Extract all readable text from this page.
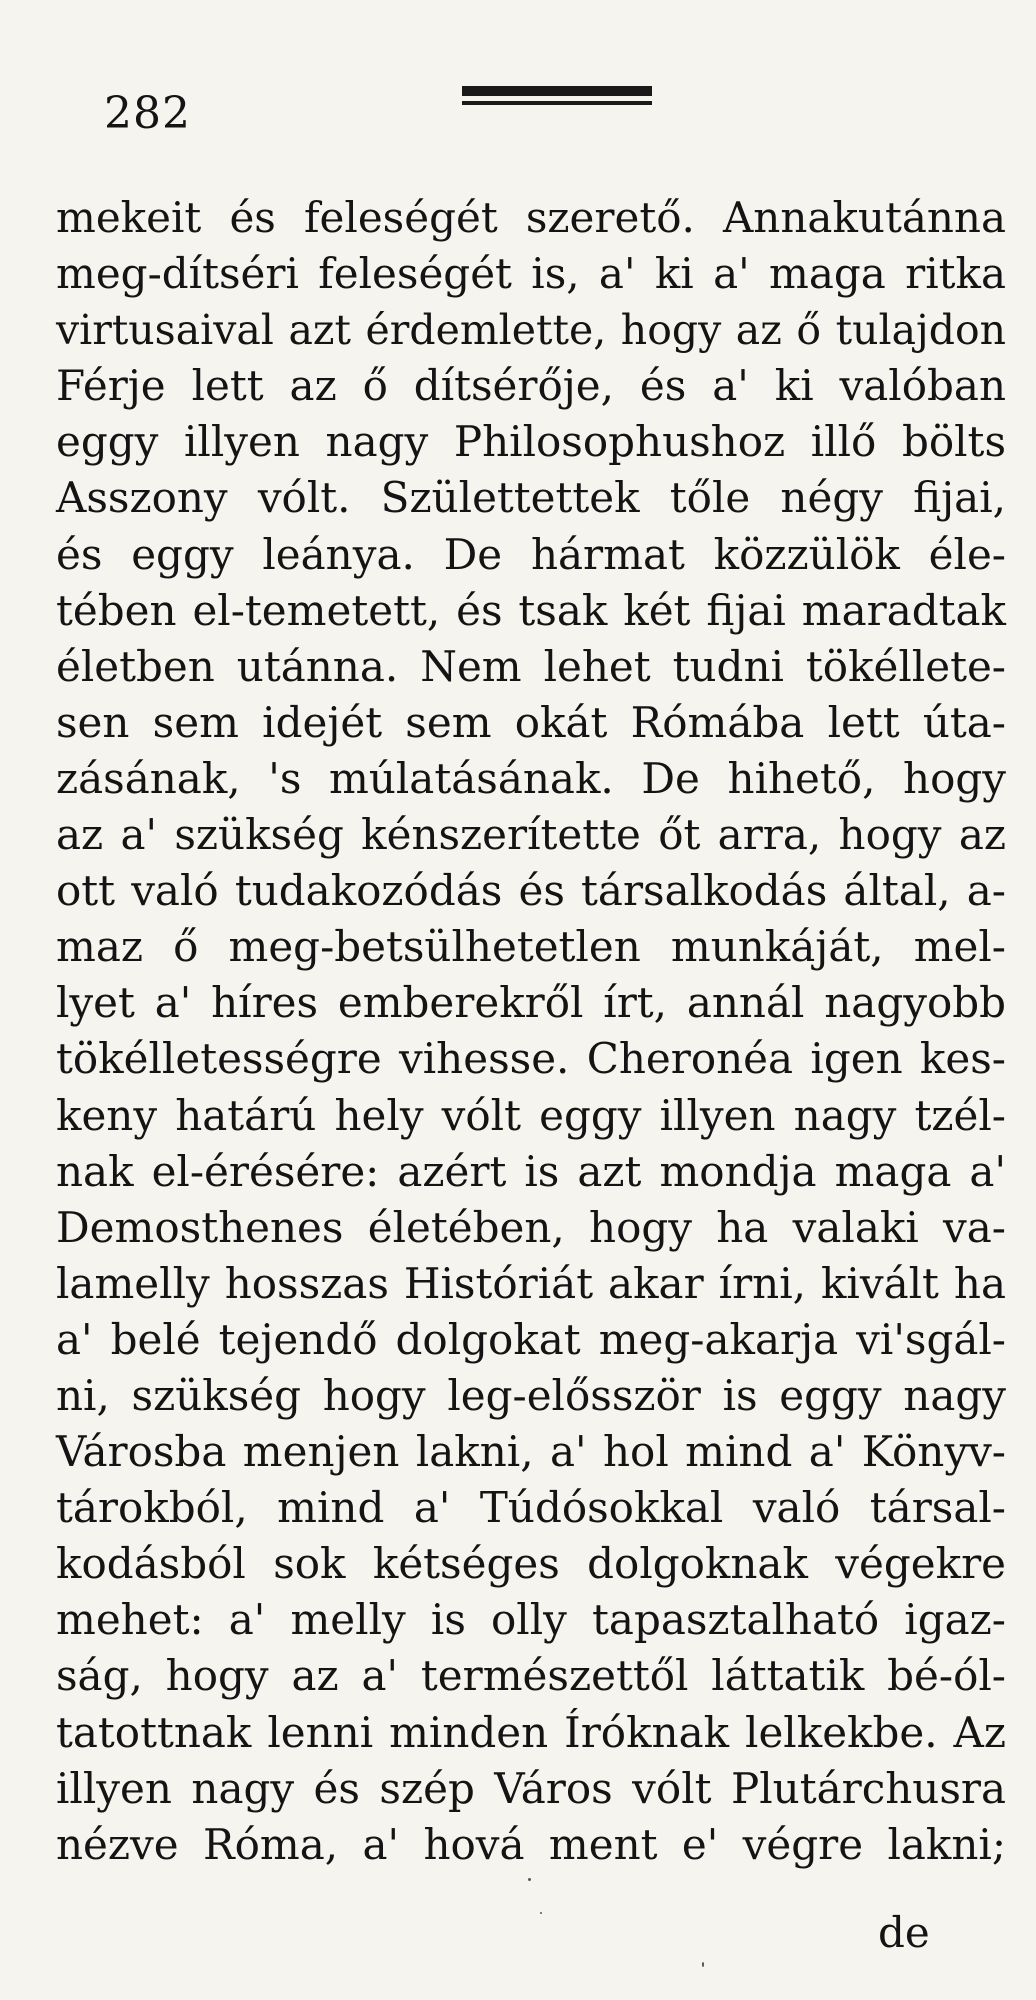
282
mekeit és feleségét szerető. Annakutánna
meg-dítséri feleségét is, a' ki a' maga ritka
virtusaival azt érdemlette, hogy az ő tulajdon
Férje lett az ő dítsérője, és a' ki valóban
eggy illyen nagy Philosophushoz illő bölts
Asszony vólt. Születtettek tőle négy fijai,
és eggy leánya. De hármat közzülök éle-
tében el-temetett, és tsak két fijai maradtak
életben utánna. Nem lehet tudni tökéllete-
sen sem idejét sem okát Rómába lett úta-
zásának, 's múlatásának. De hihető, hogy
az a' szükség kénszerítette őt arra, hogy az
ott való tudakozódás és társalkodás által, a-
maz ő meg-betsülhetetlen munkáját, mel-
lyet a' híres emberekről írt, annál nagyobb
tökélletességre vihesse. Cheronéa igen kes-
keny határú hely vólt eggy illyen nagy tzél-
nak el-érésére: azért is azt mondja maga a'
Demosthenes életében, hogy ha valaki va-
lamelly hosszas Históriát akar írni, kivált ha
a' belé tejendő dolgokat meg-akarja vi'sgál-
ni, szükség hogy leg-elősször is eggy nagy
Városba menjen lakni, a' hol mind a' Könyv-
tárokból, mind a' Túdósokkal való társal-
kodásból sok kétséges dolgoknak végekre
mehet: a' melly is olly tapasztalható igaz-
ság, hogy az a' természettől láttatik bé-ól-
tatottnak lenni minden Íróknak lelkekbe. Az
illyen nagy és szép Város vólt Plutárchusra
nézve Róma, a' hová ment e' végre lakni;
de
